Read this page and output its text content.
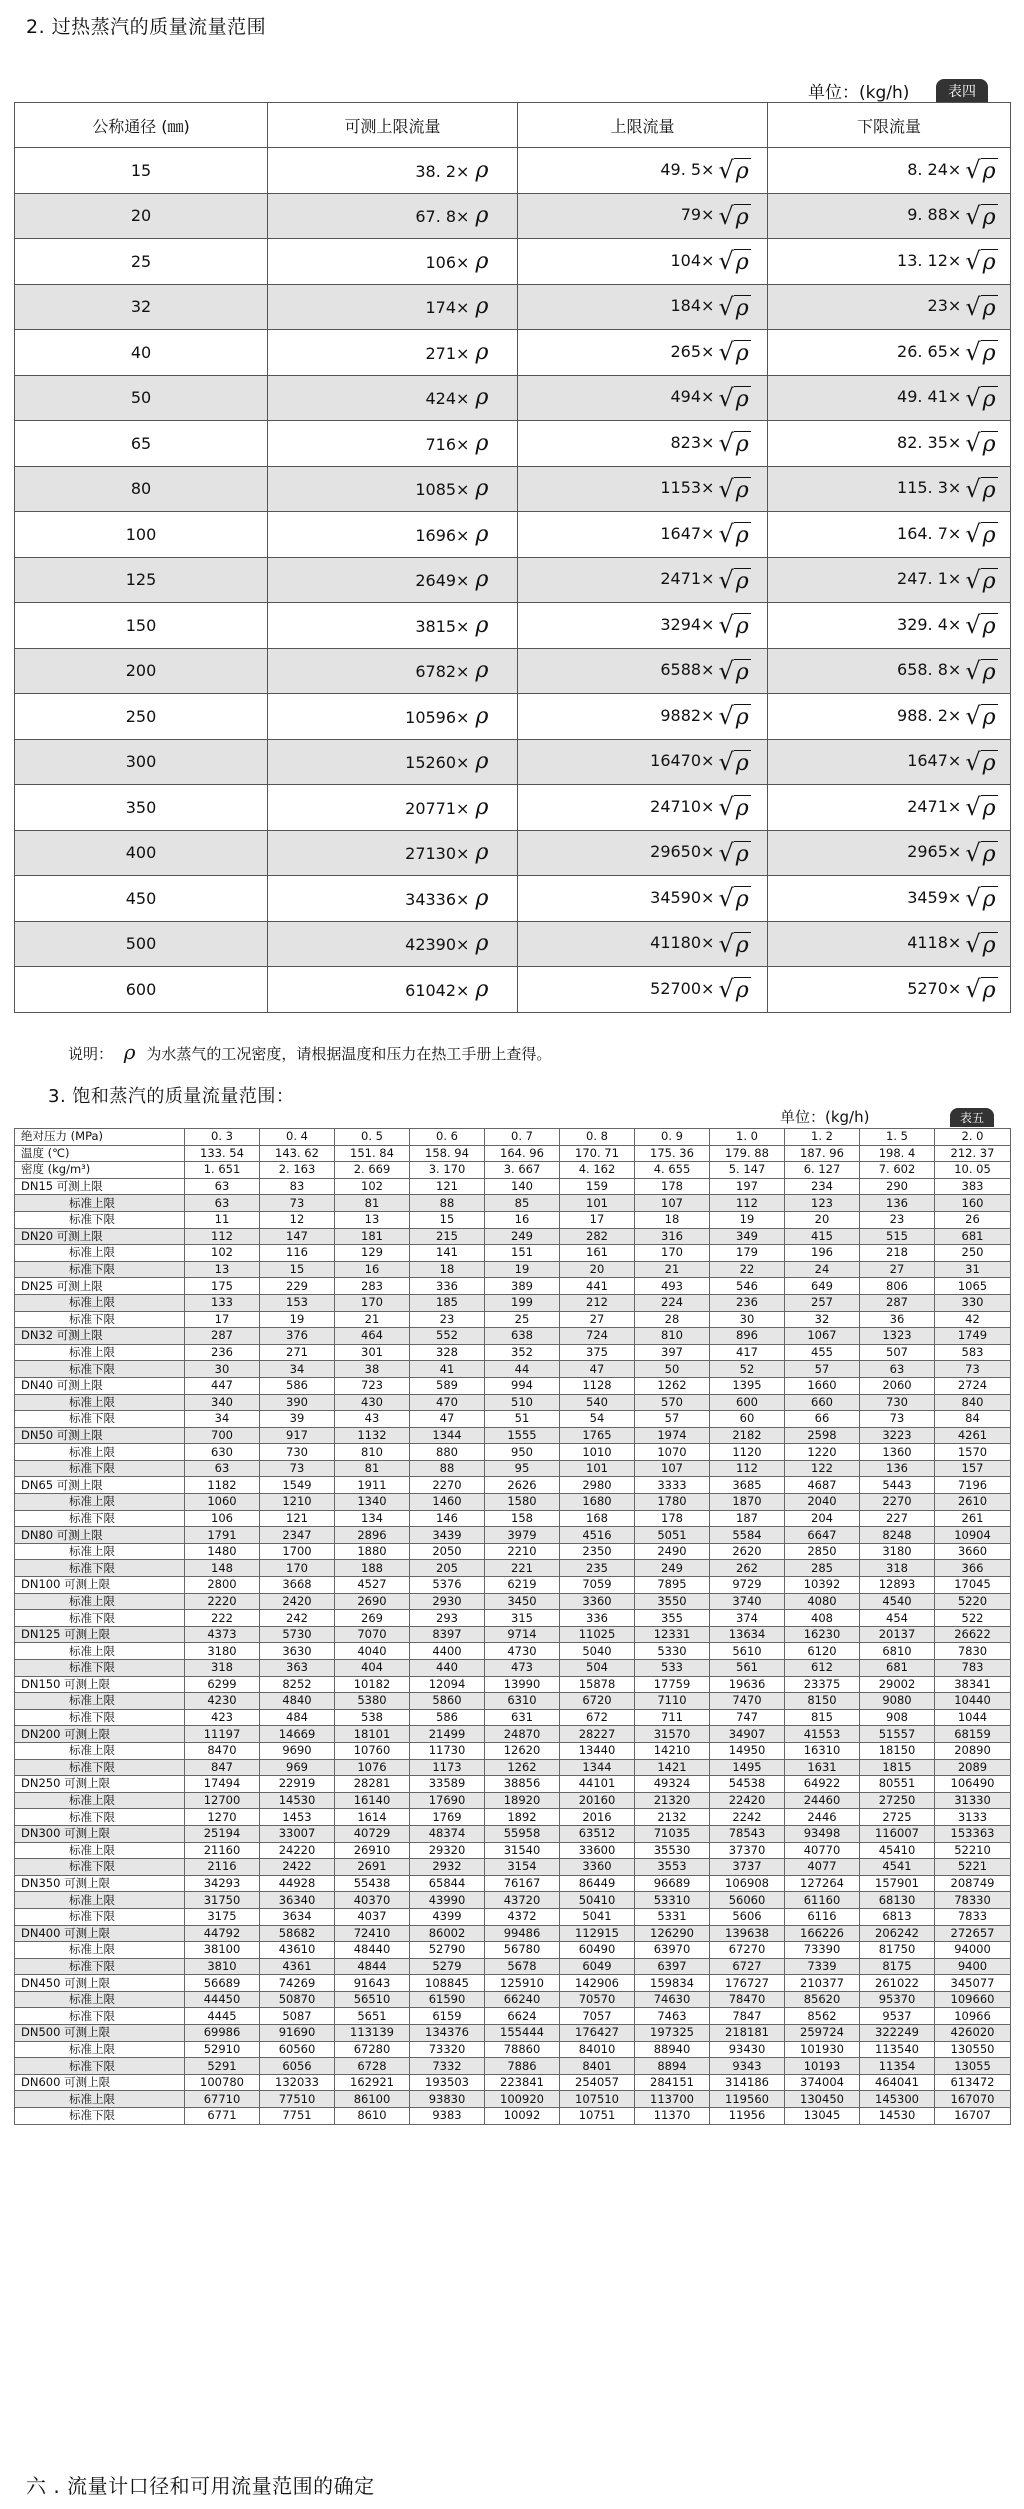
2. 过热蒸汽的质量流量范围
单位：(kg/h)	表四
公称通径 (㎜)	可测上限流量	上限流量	下限流量
15	38. 2× ρ	49. 5× √ρ	8. 24× √ρ
20	67. 8× ρ	79× √ρ	9. 88× √ρ
25	106× ρ	104× √ρ	13. 12× √ρ
32	174× ρ	184× √ρ	23× √ρ
40	271× ρ	265× √ρ	26. 65× √ρ
50	424× ρ	494× √ρ	49. 41× √ρ
65	716× ρ	823× √ρ	82. 35× √ρ
80	1085× ρ	1153× √ρ	115. 3× √ρ
100	1696× ρ	1647× √ρ	164. 7× √ρ
125	2649× ρ	2471× √ρ	247. 1× √ρ
150	3815× ρ	3294× √ρ	329. 4× √ρ
200	6782× ρ	6588× √ρ	658. 8× √ρ
250	10596× ρ	9882× √ρ	988. 2× √ρ
300	15260× ρ	16470× √ρ	1647× √ρ
350	20771× ρ	24710× √ρ	2471× √ρ
400	27130× ρ	29650× √ρ	2965× √ρ
450	34336× ρ	34590× √ρ	3459× √ρ
500	42390× ρ	41180× √ρ	4118× √ρ
600	61042× ρ	52700× √ρ	5270× √ρ
说明： ρ 为水蒸气的工况密度，请根据温度和压力在热工手册上查得。
3. 饱和蒸汽的质量流量范围：
单位：(kg/h)	表五
绝对压力 (MPa)	0. 3	0. 4	0. 5	0. 6	0. 7	0. 8	0. 9	1. 0	1. 2	1. 5	2. 0
温度 (℃)	133. 54	143. 62	151. 84	158. 94	164. 96	170. 71	175. 36	179. 88	187. 96	198. 4	212. 37
密度 (kg/m³)	1. 651	2. 163	2. 669	3. 170	3. 667	4. 162	4. 655	5. 147	6. 127	7. 602	10. 05
DN15 可测上限	63	83	102	121	140	159	178	197	234	290	383
标准上限	63	73	81	88	85	101	107	112	123	136	160
标准下限	11	12	13	15	16	17	18	19	20	23	26
DN20 可测上限	112	147	181	215	249	282	316	349	415	515	681
标准上限	102	116	129	141	151	161	170	179	196	218	250
标准下限	13	15	16	18	19	20	21	22	24	27	31
DN25 可测上限	175	229	283	336	389	441	493	546	649	806	1065
标准上限	133	153	170	185	199	212	224	236	257	287	330
标准下限	17	19	21	23	25	27	28	30	32	36	42
DN32 可测上限	287	376	464	552	638	724	810	896	1067	1323	1749
标准上限	236	271	301	328	352	375	397	417	455	507	583
标准下限	30	34	38	41	44	47	50	52	57	63	73
DN40 可测上限	447	586	723	589	994	1128	1262	1395	1660	2060	2724
标准上限	340	390	430	470	510	540	570	600	660	730	840
标准下限	34	39	43	47	51	54	57	60	66	73	84
DN50 可测上限	700	917	1132	1344	1555	1765	1974	2182	2598	3223	4261
标准上限	630	730	810	880	950	1010	1070	1120	1220	1360	1570
标准下限	63	73	81	88	95	101	107	112	122	136	157
DN65 可测上限	1182	1549	1911	2270	2626	2980	3333	3685	4687	5443	7196
标准上限	1060	1210	1340	1460	1580	1680	1780	1870	2040	2270	2610
标准下限	106	121	134	146	158	168	178	187	204	227	261
DN80 可测上限	1791	2347	2896	3439	3979	4516	5051	5584	6647	8248	10904
标准上限	1480	1700	1880	2050	2210	2350	2490	2620	2850	3180	3660
标准下限	148	170	188	205	221	235	249	262	285	318	366
DN100 可测上限	2800	3668	4527	5376	6219	7059	7895	9729	10392	12893	17045
标准上限	2220	2420	2690	2930	3450	3360	3550	3740	4080	4540	5220
标准下限	222	242	269	293	315	336	355	374	408	454	522
DN125 可测上限	4373	5730	7070	8397	9714	11025	12331	13634	16230	20137	26622
标准上限	3180	3630	4040	4400	4730	5040	5330	5610	6120	6810	7830
标准下限	318	363	404	440	473	504	533	561	612	681	783
DN150 可测上限	6299	8252	10182	12094	13990	15878	17759	19636	23375	29002	38341
标准上限	4230	4840	5380	5860	6310	6720	7110	7470	8150	9080	10440
标准下限	423	484	538	586	631	672	711	747	815	908	1044
DN200 可测上限	11197	14669	18101	21499	24870	28227	31570	34907	41553	51557	68159
标准上限	8470	9690	10760	11730	12620	13440	14210	14950	16310	18150	20890
标准下限	847	969	1076	1173	1262	1344	1421	1495	1631	1815	2089
DN250 可测上限	17494	22919	28281	33589	38856	44101	49324	54538	64922	80551	106490
标准上限	12700	14530	16140	17690	18920	20160	21320	22420	24460	27250	31330
标准下限	1270	1453	1614	1769	1892	2016	2132	2242	2446	2725	3133
DN300 可测上限	25194	33007	40729	48374	55958	63512	71035	78543	93498	116007	153363
标准上限	21160	24220	26910	29320	31540	33600	35530	37370	40770	45410	52210
标准下限	2116	2422	2691	2932	3154	3360	3553	3737	4077	4541	5221
DN350 可测上限	34293	44928	55438	65844	76167	86449	96689	106908	127264	157901	208749
标准上限	31750	36340	40370	43990	43720	50410	53310	56060	61160	68130	78330
标准下限	3175	3634	4037	4399	4372	5041	5331	5606	6116	6813	7833
DN400 可测上限	44792	58682	72410	86002	99486	112915	126290	139638	166226	206242	272657
标准上限	38100	43610	48440	52790	56780	60490	63970	67270	73390	81750	94000
标准下限	3810	4361	4844	5279	5678	6049	6397	6727	7339	8175	9400
DN450 可测上限	56689	74269	91643	108845	125910	142906	159834	176727	210377	261022	345077
标准上限	44450	50870	56510	61590	66240	70570	74630	78470	85620	95370	109660
标准下限	4445	5087	5651	6159	6624	7057	7463	7847	8562	9537	10966
DN500 可测上限	69986	91690	113139	134376	155444	176427	197325	218181	259724	322249	426020
标准上限	52910	60560	67280	73320	78860	84010	88940	93430	101930	113540	130550
标准下限	5291	6056	6728	7332	7886	8401	8894	9343	10193	11354	13055
DN600 可测上限	100780	132033	162921	193503	223841	254057	284151	314186	374004	464041	613472
标准上限	67710	77510	86100	93830	100920	107510	113700	119560	130450	145300	167070
标准下限	6771	7751	8610	9383	10092	10751	11370	11956	13045	14530	16707
六 . 流量计口径和可用流量范围的确定
